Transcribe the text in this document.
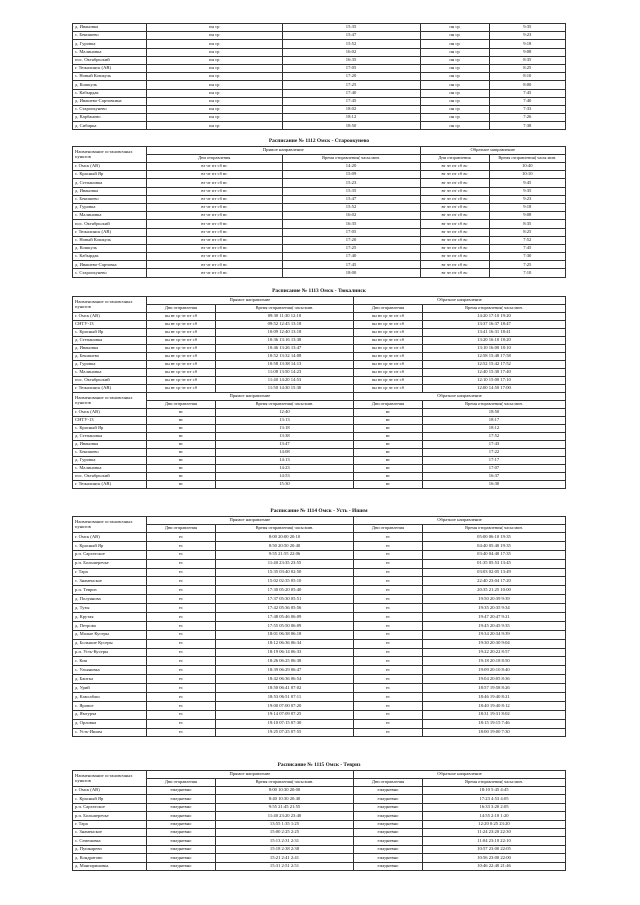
д. Ивановка	пн ср	15:35	пн ср	9:35
с. Бекишево	пн ср	15:47	пн ср	9:23
д. Гуровка	пн ср	15:52	пн ср	9:18
с. Малиновка	пн ср	16:02	пн ср	9:08
пос. Октябрьский	пн ср	16:35	пн ср	8:35
г. Тюкалинск (АВ)	пн ср	17:05	пн ср	8:25
с. Новый Кошкуль	пн ср	17:20	пн ср	8:10
д. Кошкуль	пн ср	17:25	пн ср	8:00
с. Кабырдак	пн ср	17:40	пн ср	7:45
д. Ивашево-Сартовкина	пн ср	17:45	пн ср	7:40
с. Староокунево	пн ср	18:02	пн ср	7:33
д. Карбаново	пн ср	18:12	пн ср	7:26
д. Сибирка	пн ср	18:50	пн ср	7:38
Расписание № 1112 Омск - Староокунево
Наименование остановочных пунктов	Прямое направление		Обратное направление	
	Дни отправления	Время отправления( часы:мин.	Дни отправления	Время отправления( часы:мин.
г. Омск (АВ)	вт чт пт сб вс	14:20	вт чт пт сб вс	10:40
с. Красный Яр	вт чт пт сб вс	15:09	вт чт пт сб вс	10:10
д. Степановка	вт чт пт сб вс	15:23	вт чт пт сб вс	9:45
д. Ивановка	вт чт пт сб вс	15:35	вт чт пт сб вс	9:35
с. Бекишево	вт чт пт сб вс	15:47	вт чт пт сб вс	9:23
д. Гуровка	вт чт пт сб вс	15:52	вт чт пт сб вс	9:18
с. Малиновка	вт чт пт сб вс	16:02	вт чт пт сб вс	9:08
пос. Октябрьский	вт чт пт сб вс	16:35	вт чт пт сб вс	8:35
г. Тюкалинск (АВ)	вт чт пт сб вс	17:05	вт чт пт сб вс	8:25
с. Новый Кошкуль	вт чт пт сб вс	17:20	вт чт пт сб вс	7:52
д. Кошкуль	вт чт пт сб вс	17:25	вт чт пт сб вс	7:45
с. Кабырдак	вт чт пт сб вс	17:40	вт чт пт сб вс	7:30
д. Ивашево-Сартовка	вт чт пт сб вс	17:45	вт чт пт сб вс	7:25
с. Староокунево	вт чт пт сб вс	18:00	вт чт пт сб вс	7:10
Расписание № 1113 Омск - Тюкалинск
Наименование остановочных пунктов	Прямое направление		Обратное направление	
	Дни отправления	Время отправления( часы:мин.	Дни отправления	Время отправления( часы:мин.
г. Омск (АВ)	пн вт ср чт пт сб	09:30 11:30 12:10	пн вт ср чт пт сб	14:20 17:10 19:20
СНТУ-13	пн вт ср чт пт сб	09:52 12:45 13:18	пн вт ср чт пт сб	13:37 16:37 18:47
с. Красный Яр	пн вт ср чт пт сб	10:09 12:40 13:18	пн вт ср чт пт сб	13:41 16:31 18:41
д. Степановка	пн вт ср чт пт сб	10:36 13:16 13:38	пн вт ср чт пт сб	13:20 16:10 18:20
д. Ивановка	пн вт ср чт пт сб	10:46 13:26 13:47	пн вт ср чт пт сб	13:10 16:00 18:10
д. Бекишево	пн вт ср чт пт сб	10:52 13:32 14:08	пн вт ср чт пт сб	12:58 15:48 17:58
д. Гуровка	пн вт ср чт пт сб	10:58 13:38 14:13	пн вт ср чт пт сб	12:52 15:42 17:52
с. Малиновка	пн вт ср чт пт сб	11:08 13:50 14:23	пн вт ср чт пт сб	12:40 15:30 17:40
пос. Октябрьский	пн вт ср чт пт сб	11:40 14:20 14:53	пн вт ср чт пт сб	12:10 15:00 17:10
г. Тюкалинск (АВ)	пн вт ср чт пт сб	11:50 14:30 15:30	пн вт ср чт пт сб	12:00 14:50 17:00
Наименование остановочных пунктов	Прямое направление		Обратное направление	
	Дни отправления	Время отправления( часы:мин.	Дни отправления	Время отправления( часы:мин.
г. Омск (АВ)	вс	12:40	вс	18:50
СНТУ-13	вс	13:13	вс	18:17
с. Красный Яр	вс	13:18	вс	18:12
д. Степановка	вс	13:38	вс	17:52
д. Ивановка	вс	13:47	вс	17:43
с. Бекишево	вс	14:08	вс	17:22
д. Гуровка	вс	14:13	вс	17:17
с. Малиновка	вс	14:23	вс	17:07
пос. Октябрьский	вс	14:53	вс	16:37
г. Тюкалинск (АВ)	вс	15:30	вс	16:30
Расписание № 1114 Омск - Усть - Ишим
Наименование остановочных пунктов	Прямое направление		Обратное направление	
	Дни отправления	Время отправления( часы:мин.	Дни отправления	Время отправления( часы:мин.
г. Омск (АВ)	ес	8:00 20:00 20:10	ес	05:00 06:10 19:35
с. Красный Яр	ес	8:50 20:50 20:40	ес	04:40 05:40 19:35
р.п. Саргатское	ес	9:55 21:55 22:06	ес	03:40 04:40 17:35
р.п. Большеречье	ес	11:40 23:35 23:55	ес	01:35 05:53 13:45
г. Тара	ес	15:35 03:40 02:50	ес	03:03 02:05 13:49
с. Знаменское	ес	15:02 02:35 05:10	ес	22:40 23:04 17:20
р.п. Тевриз	ес	17:30 05:20 05:40	ес	20:35 21:25 10:00
д. Полуянова	ес	17:37 05:30 05:51	ес	19:50 20:39 9:39
д. Тузы	ес	17:42 05:36 05:56	ес	19:35 20:35 9:34
д. Крутая	ес	17:48 05:46 06:09	ес	19:47 20:47 9:21
д. Петрова	ес	17:55 05:50 06:09	ес	19:45 20:45 9:35
д. Малые Кусеры	ес	18:01 06:38 06:18	ес	19:34 20:34 9:39
д. Большие Кусеры	ес	18:12 06:36 06:34	ес	19:30 20:30 9:04
р.п. Усть-Кусеры	ес	18:19 06:14 06:33	ес	19:22 20:22 8:57
с. Кип	ес	18:26 06:25 06:38	ес	19:18 20:18 8:50
с. Ульяновка	ес	18:39 06:29 06:47	ес	19:09 20:10 8:40
д. Баитка	ес	18:42 06:36 06:54	ес	19:04 20:05 8:36
д. Урий	ес	18:50 06:41 07:02	ес	18:57 19:58 8:26
д. Камсабаш	ес	18:53 06:51 07:11	ес	18:46 19:40 8:21
с. Яровое	ес	19:00 07:00 07:20	ес	18:40 19:40 8:12
д. Ямгурча	ес	19:14 07:09 07:25	ес	18:31 19:31 8:02
д. Орловка	ес	19:10 07:15 07:30	ес	18:15 19:15 7:46
с. Усть-Ишим	ес	19:25 07:25 07:55	ес	18:00 19:00 7:30
Расписание № 1115 Омск - Тевриз
Наименование остановочных пунктов	Прямое направление		Обратное направление	
	Дни отправления	Время отправления( часы:мин.	Дни отправления	Время отправления( часы:мин.
г. Омск (АВ)	ежедневно	8:00 10:30 20:00	ежедневно	18:10 5:45 4:45
с. Красный Яр	ежедневно	8:40 10:30 20:40	ежедневно	17:23 4:53 4:05
р.п. Саргатское	ежедневно	9:55 21:45 21:55	ежедневно	16:33 3:20 2:05
р.п. Большеречье	ежедневно	11:40 23:20 23:40	ежедневно	14:55 2:10 1:20
г. Тара	ежедневно	13:55 1:35 1:25	ежедневно	12:20 0:25 23:20
с. Знаменское	ежедневно	15:00 2:25 2:25	ежедневно	11:24 23:20 22:30
с. Семеновка	ежедневно	15:13 2:31 2:31	ежедневно	11:04 23:10 22:10
д. Пушкарево	ежедневно	15:18 2:38 2:38	ежедневно	10:57 23:00 22:05
д. Кондратово	ежедневно	15:21 2:41 2:41	ежедневно	10:56 23:00 22:00
д. Мангириновка	ежедневно	15:31 2:51 2:51	ежедневно	10:46 22:40 21:46
